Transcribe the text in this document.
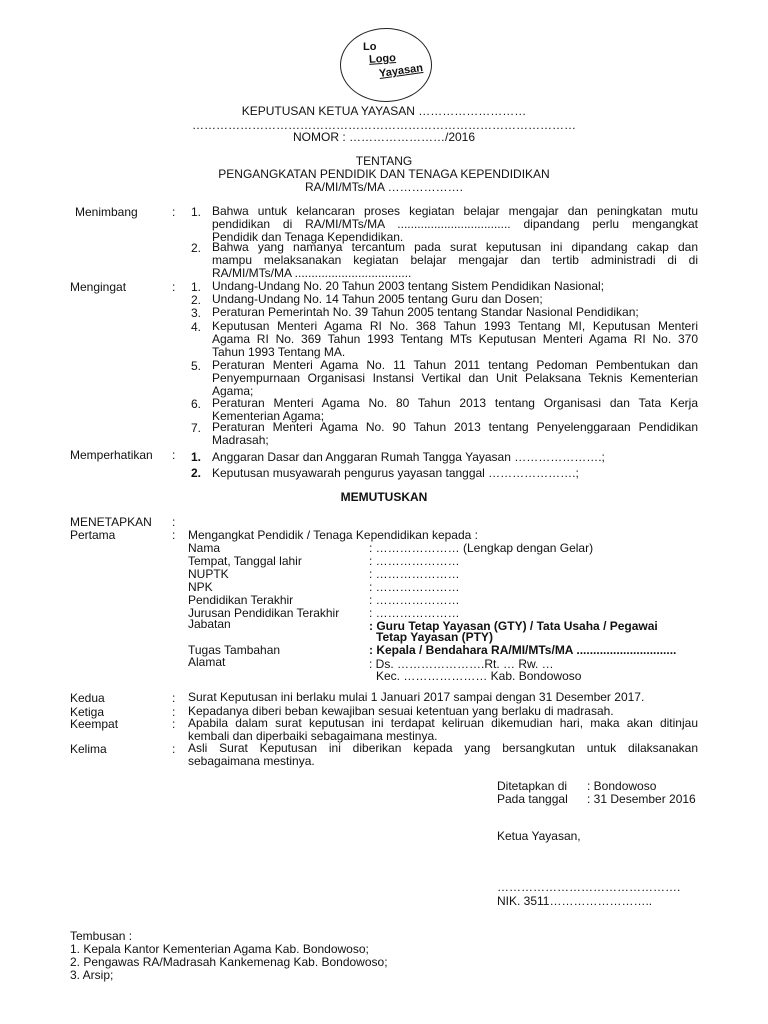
Lo
Logo
Yayasan
KEPUTUSAN KETUA YAYASAN ………………………
……………………………………………………………………………………
NOMOR : ……………………/2016
TENTANG
PENGANGKATAN PENDIDIK DAN TENAGA KEPENDIDIKAN
RA/MI/MTs/MA ……………….
Menimbang	:	1. Bahwa untuk kelancaran proses kegiatan belajar mengajar dan peningkatan mutu
pendidikan di RA/MI/MTs/MA .................................. dipandang perlu mengangkat
Pendidik dan Tenaga Kependidikan.
2. Bahwa yang namanya tercantum pada surat keputusan ini dipandang cakap dan
mampu melaksanakan kegiatan belajar mengajar dan tertib administradi di di
RA/MI/MTs/MA ...................................
Mengingat	:	1. Undang-Undang No. 20 Tahun 2003 tentang Sistem Pendidikan Nasional;
2. Undang-Undang No. 14 Tahun 2005 tentang Guru dan Dosen;
3. Peraturan Pemerintah No. 39 Tahun 2005 tentang Standar Nasional Pendidikan;
4. Keputusan Menteri Agama RI No. 368 Tahun 1993 Tentang MI, Keputusan Menteri
Agama RI No. 369 Tahun 1993 Tentang MTs Keputusan Menteri Agama RI No. 370
Tahun 1993 Tentang MA.
5. Peraturan Menteri Agama No. 11 Tahun 2011 tentang Pedoman Pembentukan dan
Penyempurnaan Organisasi Instansi Vertikal dan Unit Pelaksana Teknis Kementerian
Agama;
6. Peraturan Menteri Agama No. 80 Tahun 2013 tentang Organisasi dan Tata Kerja
Kementerian Agama;
7. Peraturan Menteri Agama No. 90 Tahun 2013 tentang Penyelenggaraan Pendidikan
Madrasah;
Memperhatikan :	1. Anggaran Dasar dan Anggaran Rumah Tangga Yayasan ………………….;
2. Keputusan musyawarah pengurus yayasan tanggal ………………….;
MEMUTUSKAN
MENETAPKAN :
Pertama	: Mengangkat Pendidik / Tenaga Kependidikan kepada :
Nama	: ………………… (Lengkap dengan Gelar)
Tempat, Tanggal lahir	: …………………
NUPTK	: …………………
NPK	: …………………
Pendidikan Terakhir	: …………………
Jurusan Pendidikan Terakhir : …………………
Jabatan	: Guru Tetap Yayasan (GTY) / Tata Usaha / Pegawai
Tetap Yayasan (PTY)
Tugas Tambahan	: Kepala / Bendahara RA/MI/MTs/MA ..............................
Alamat	: Ds. ………………….Rt. … Rw. …
Kec. ………………… Kab. Bondowoso
Kedua	: Surat Keputusan ini berlaku mulai 1 Januari 2017 sampai dengan 31 Desember 2017.
Ketiga	: Kepadanya diberi beban kewajiban sesuai ketentuan yang berlaku di madrasah.
Keempat	: Apabila dalam surat keputusan ini terdapat keliruan dikemudian hari, maka akan ditinjau
kembali dan diperbaiki sebagaimana mestinya.
Kelima	: Asli Surat Keputusan ini diberikan kepada yang bersangkutan untuk dilaksanakan
sebagaimana mestinya.
Ditetapkan di : Bondowoso
Pada tanggal : 31 Desember 2016
Ketua Yayasan,
……………………………………….
NIK. 3511……………………..
Tembusan :
1. Kepala Kantor Kementerian Agama Kab. Bondowoso;
2. Pengawas RA/Madrasah Kankemenag Kab. Bondowoso;
3. Arsip;
